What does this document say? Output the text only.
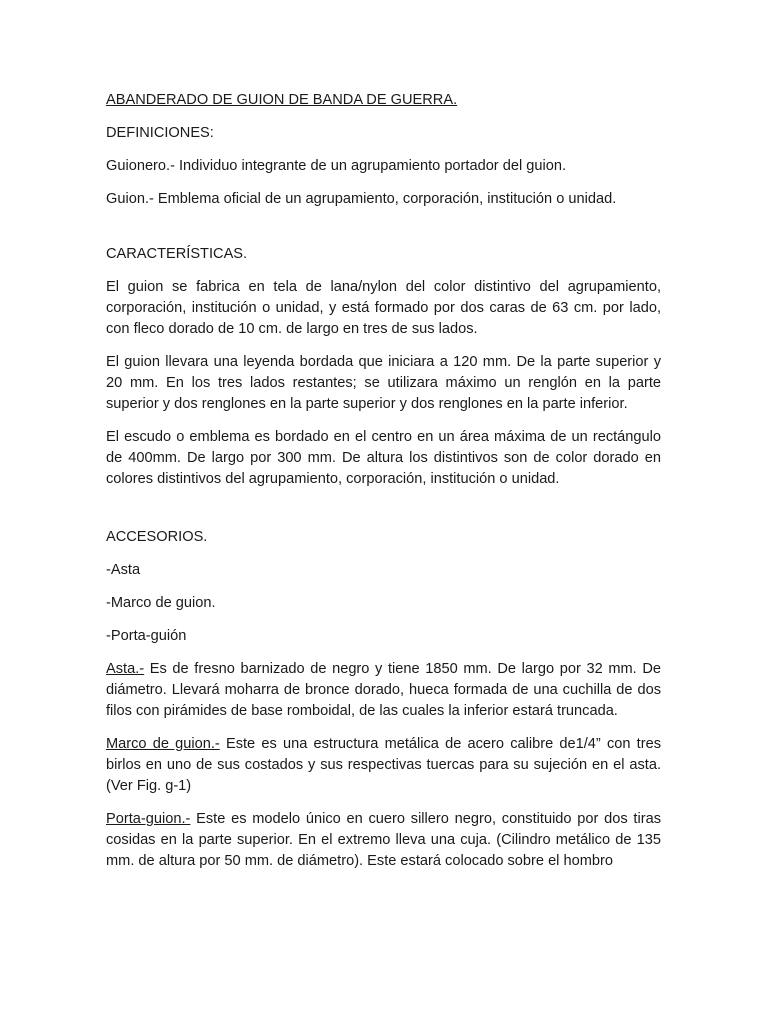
ABANDERADO DE GUION DE BANDA DE GUERRA.

DEFINICIONES:

Guionero.- Individuo integrante de un agrupamiento portador del guion.

Guion.- Emblema oficial de un agrupamiento, corporación, institución o unidad.

CARACTERÍSTICAS.

El guion se fabrica en tela de lana/nylon del color distintivo del agrupamiento, corporación, institución o unidad, y está formado por dos caras de 63 cm. por lado, con fleco dorado de 10 cm. de largo en tres de sus lados.

El guion llevara una leyenda bordada que iniciara a 120 mm. De la parte superior y 20 mm. En los tres lados restantes; se utilizara máximo un renglón en la parte superior y dos renglones en la parte superior y dos renglones en la parte inferior.

El escudo o emblema es bordado en el centro en un área máxima de un rectángulo de 400mm. De largo por 300 mm. De altura los distintivos son de color dorado en colores distintivos del agrupamiento, corporación, institución o unidad.

ACCESORIOS.

-Asta

-Marco de guion.

-Porta-guión

Asta.- Es de fresno barnizado de negro y tiene 1850 mm. De largo por 32 mm. De diámetro. Llevará moharra de bronce dorado, hueca formada de una cuchilla de dos filos con pirámides de base romboidal, de las cuales la inferior estará truncada.

Marco de guion.- Este es una estructura metálica de acero calibre de1/4” con tres birlos en uno de sus costados y sus respectivas tuercas para su sujeción en el asta. (Ver Fig. g-1)

Porta-guion.- Este es modelo único en cuero sillero negro, constituido por dos tiras cosidas en la parte superior. En el extremo lleva una cuja. (Cilindro metálico de 135 mm. de altura por 50 mm. de diámetro). Este estará colocado sobre el hombro
